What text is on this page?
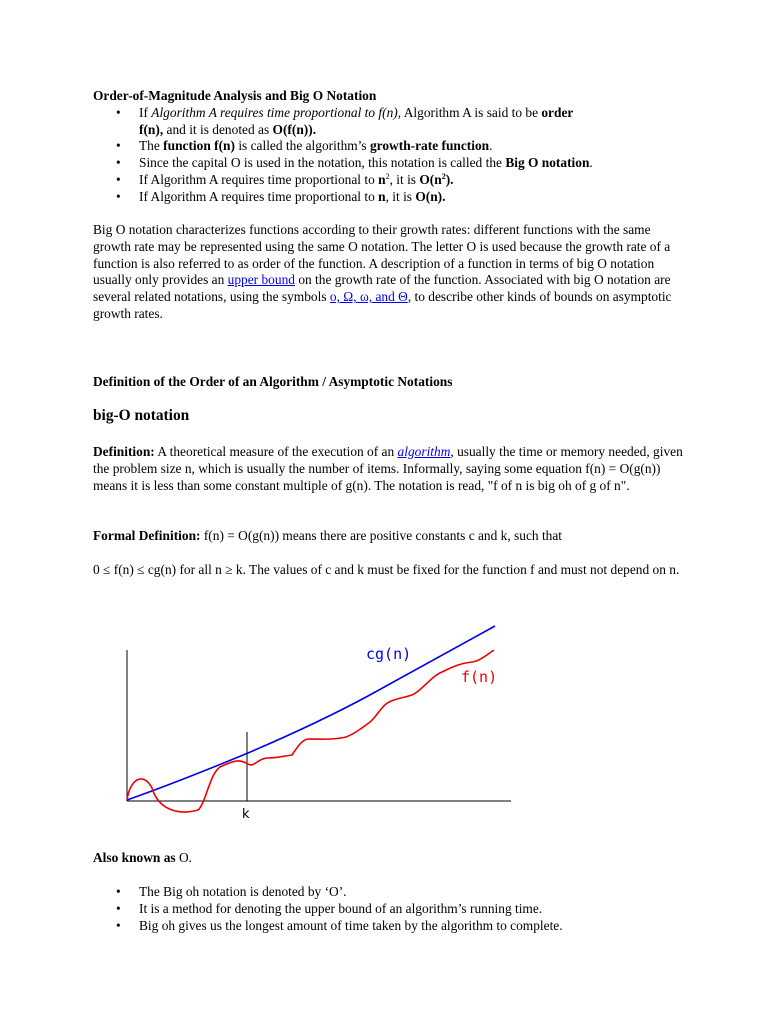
Order-of-Magnitude Analysis and Big O Notation
• If Algorithm A requires time proportional to f(n), Algorithm A is said to be order
f(n), and it is denoted as O(f(n)).
• The function f(n) is called the algorithm’s growth-rate function.
• Since the capital O is used in the notation, this notation is called the Big O notation.
• If Algorithm A requires time proportional to $n^2$, it is $O(n^2)$.
• If Algorithm A requires time proportional to n, it is O(n).

Big O notation characterizes functions according to their growth rates: different functions with the same growth rate may be represented using the same O notation. The letter O is used because the growth rate of a function is also referred to as order of the function. A description of a function in terms of big O notation usually only provides an upper bound on the growth rate of the function. Associated with big O notation are several related notations, using the symbols o, Ω, ω, and Θ, to describe other kinds of bounds on asymptotic growth rates.

Definition of the Order of an Algorithm / Asymptotic Notations
big-O notation

Definition: A theoretical measure of the execution of an algorithm, usually the time or memory needed, given the problem size n, which is usually the number of items. Informally, saying some equation f(n) = O(g(n)) means it is less than some constant multiple of g(n). The notation is read, "f of n is big oh of g of n".

Formal Definition: f(n) = O(g(n)) means there are positive constants c and k, such that

0 ≤ f(n) ≤ cg(n) for all n ≥ k. The values of c and k must be fixed for the function f and must not depend on n.

cg(n)
f(n)
k
Also known as O.
• The Big oh notation is denoted by ‘O’.
• It is a method for denoting the upper bound of an algorithm’s running time.
• Big oh gives us the longest amount of time taken by the algorithm to complete.
